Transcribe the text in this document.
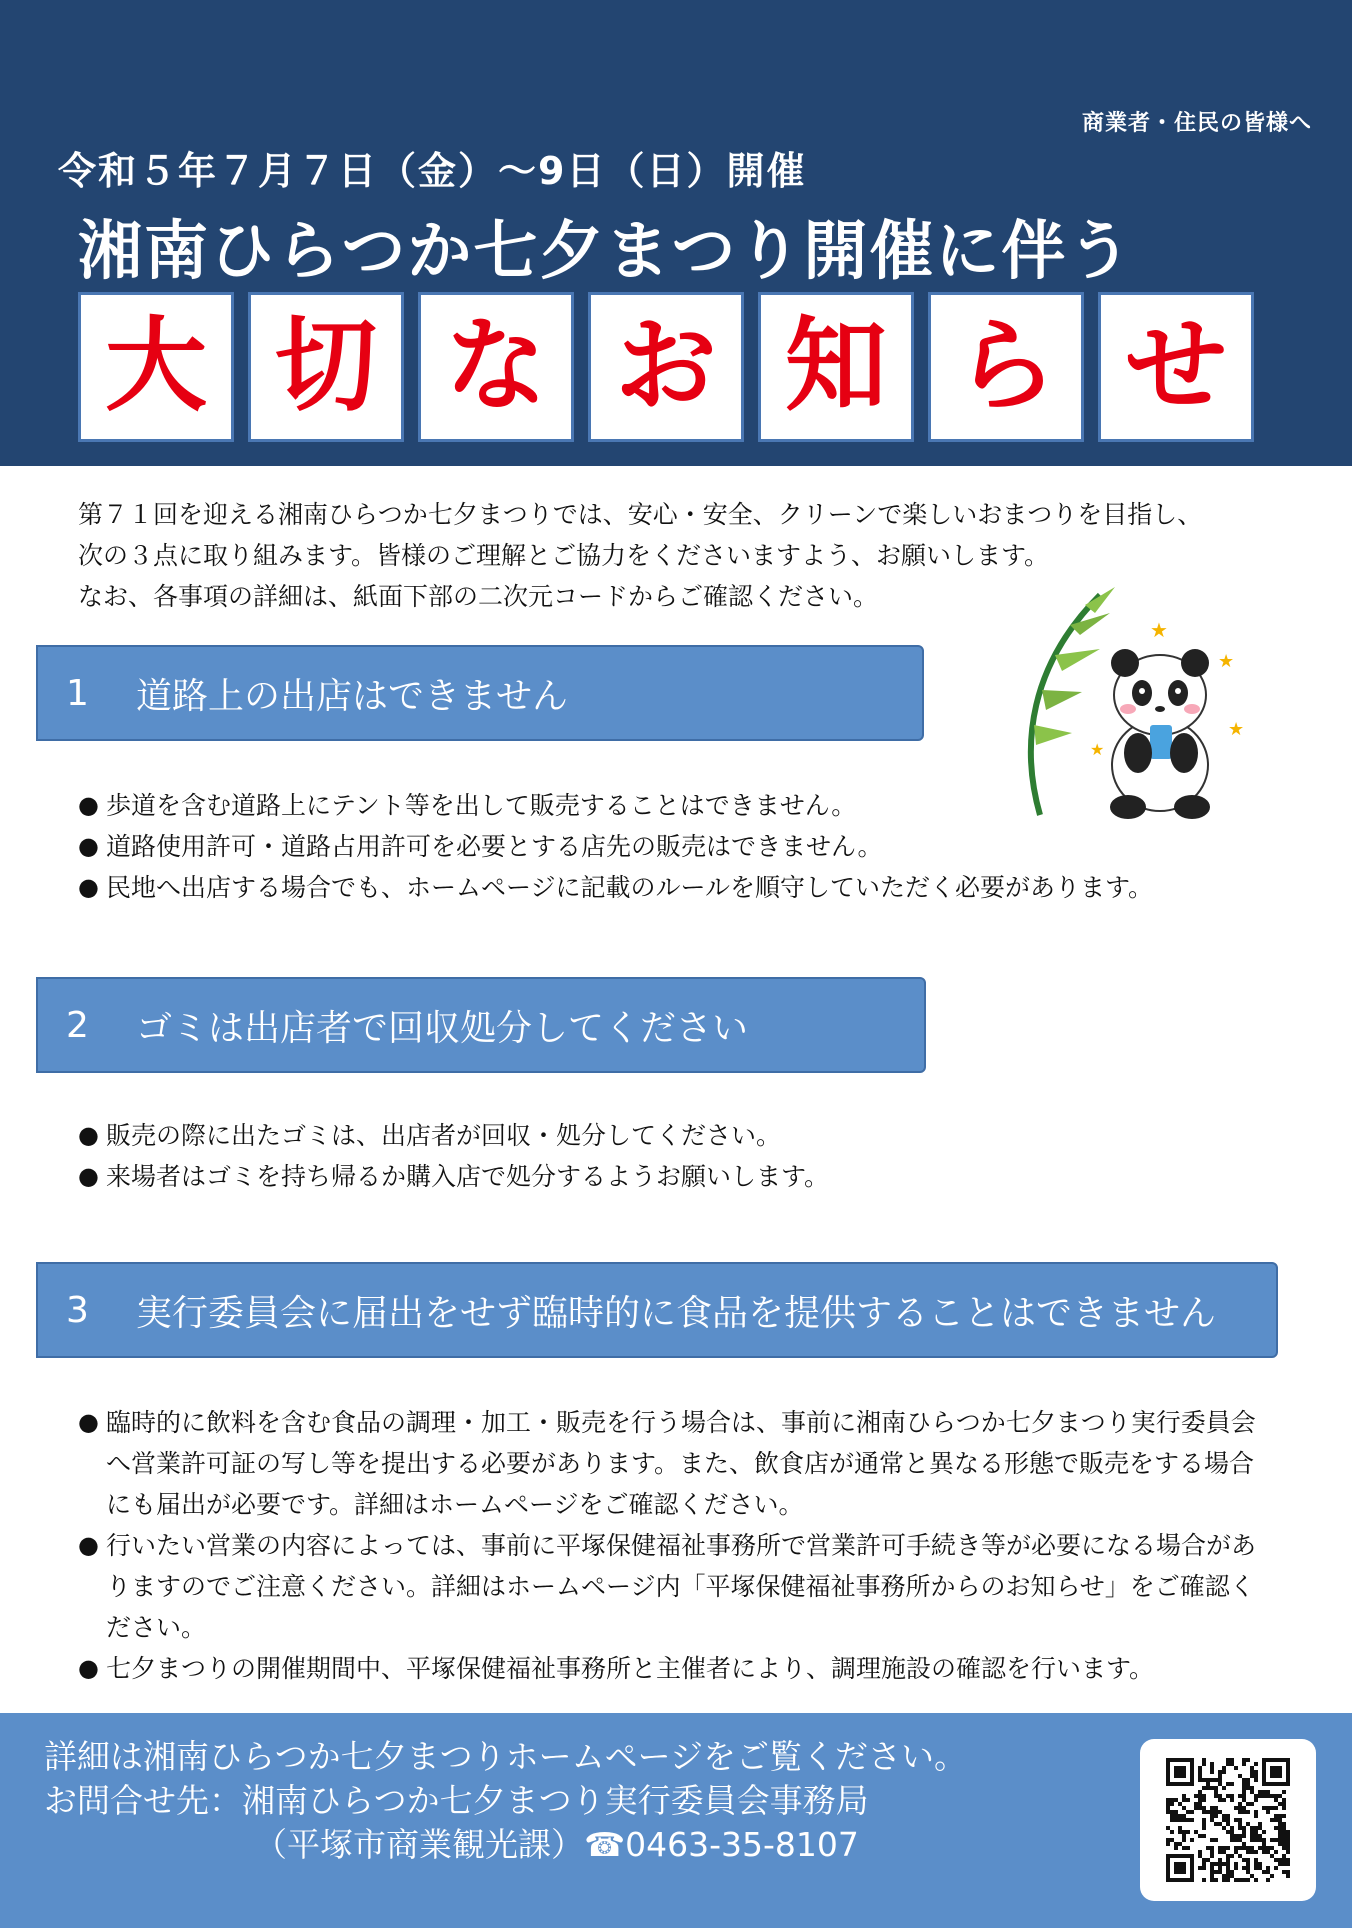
商業者・住民の皆様へ
令和５年７月７日（金）～9日（日）開催
湘南ひらつか七夕まつり開催に伴う
大 切 な お 知 ら せ

第７１回を迎える湘南ひらつか七夕まつりでは、安心・安全、クリーンで楽しいおまつりを目指し、

次の３点に取り組みます。皆様のご理解とご協力をくださいますよう、お願いします。

なお、各事項の詳細は、紙面下部の二次元コードからご確認ください。

★
★
★
★
1	道路上の出店はできません
● 歩道を含む道路上にテント等を出して販売することはできません。
● 道路使用許可・道路占用許可を必要とする店先の販売はできません。
● 民地へ出店する場合でも、ホームページに記載のルールを順守していただく必要があります。
2	ゴミは出店者で回収処分してください
● 販売の際に出たゴミは、出店者が回収・処分してください。
● 来場者はゴミを持ち帰るか購入店で処分するようお願いします。
3	実行委員会に届出をせず臨時的に食品を提供することはできません
● 臨時的に飲料を含む食品の調理・加工・販売を行う場合は、事前に湘南ひらつか七夕まつり実行委員会へ営業許可証の写し等を提出する必要があります。また、飲食店が通常と異なる形態で販売をする場合にも届出が必要です。詳細はホームページをご確認ください。
● 行いたい営業の内容によっては、事前に平塚保健福祉事務所で営業許可手続き等が必要になる場合がありますのでご注意ください。詳細はホームページ内「平塚保健福祉事務所からのお知らせ」をご確認ください。
● 七夕まつりの開催期間中、平塚保健福祉事務所と主催者により、調理施設の確認を行います。
詳細は湘南ひらつか七夕まつりホームページをご覧ください。
お問合せ先：湘南ひらつか七夕まつり実行委員会事務局
（平塚市商業観光課）☎0463-35-8107
